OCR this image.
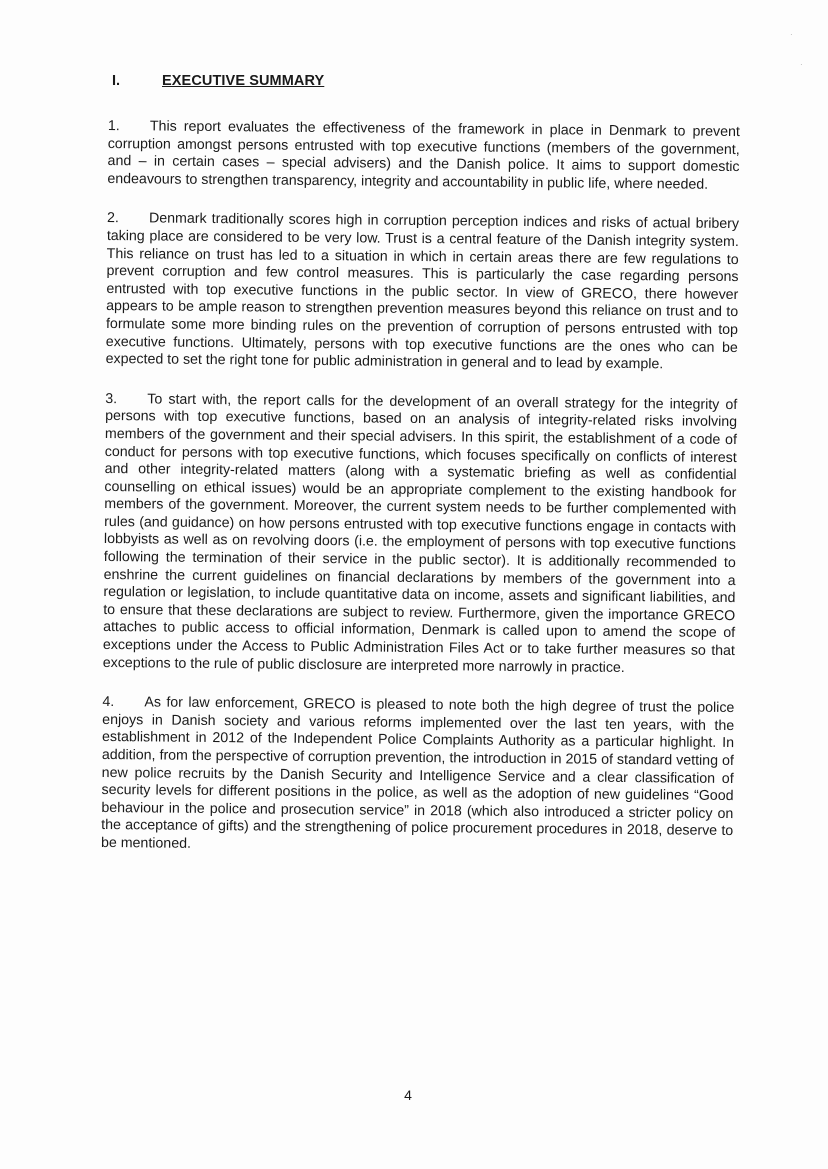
·
·
I.	EXECUTIVE SUMMARY

1. This report evaluates the effectiveness of the framework in place in Denmark to prevent corruption amongst persons entrusted with top executive functions (members of the government, and – in certain cases – special advisers) and the Danish police. It aims to support domestic endeavours to strengthen transparency, integrity and accountability in public life, where needed.

2. Denmark traditionally scores high in corruption perception indices and risks of actual bribery taking place are considered to be very low. Trust is a central feature of the Danish integrity system. This reliance on trust has led to a situation in which in certain areas there are few regulations to prevent corruption and few control measures. This is particularly the case regarding persons entrusted with top executive functions in the public sector. In view of GRECO, there however appears to be ample reason to strengthen prevention measures beyond this reliance on trust and to formulate some more binding rules on the prevention of corruption of persons entrusted with top executive functions. Ultimately, persons with top executive functions are the ones who can be expected to set the right tone for public administration in general and to lead by example.

3. To start with, the report calls for the development of an overall strategy for the integrity of persons with top executive functions, based on an analysis of integrity-related risks involving members of the government and their special advisers. In this spirit, the establishment of a code of conduct for persons with top executive functions, which focuses specifically on conflicts of interest and other integrity-related matters (along with a systematic briefing as well as confidential counselling on ethical issues) would be an appropriate complement to the existing handbook for members of the government. Moreover, the current system needs to be further complemented with rules (and guidance) on how persons entrusted with top executive functions engage in contacts with lobbyists as well as on revolving doors (i.e. the employment of persons with top executive functions following the termination of their service in the public sector). It is additionally recommended to enshrine the current guidelines on financial declarations by members of the government into a regulation or legislation, to include quantitative data on income, assets and significant liabilities, and to ensure that these declarations are subject to review. Furthermore, given the importance GRECO attaches to public access to official information, Denmark is called upon to amend the scope of exceptions under the Access to Public Administration Files Act or to take further measures so that exceptions to the rule of public disclosure are interpreted more narrowly in practice.

4. As for law enforcement, GRECO is pleased to note both the high degree of trust the police enjoys in Danish society and various reforms implemented over the last ten years, with the establishment in 2012 of the Independent Police Complaints Authority as a particular highlight. In addition, from the perspective of corruption prevention, the introduction in 2015 of standard vetting of new police recruits by the Danish Security and Intelligence Service and a clear classification of security levels for different positions in the police, as well as the adoption of new guidelines “Good behaviour in the police and prosecution service” in 2018 (which also introduced a stricter policy on the acceptance of gifts) and the strengthening of police procurement procedures in 2018, deserve to be mentioned.

4
